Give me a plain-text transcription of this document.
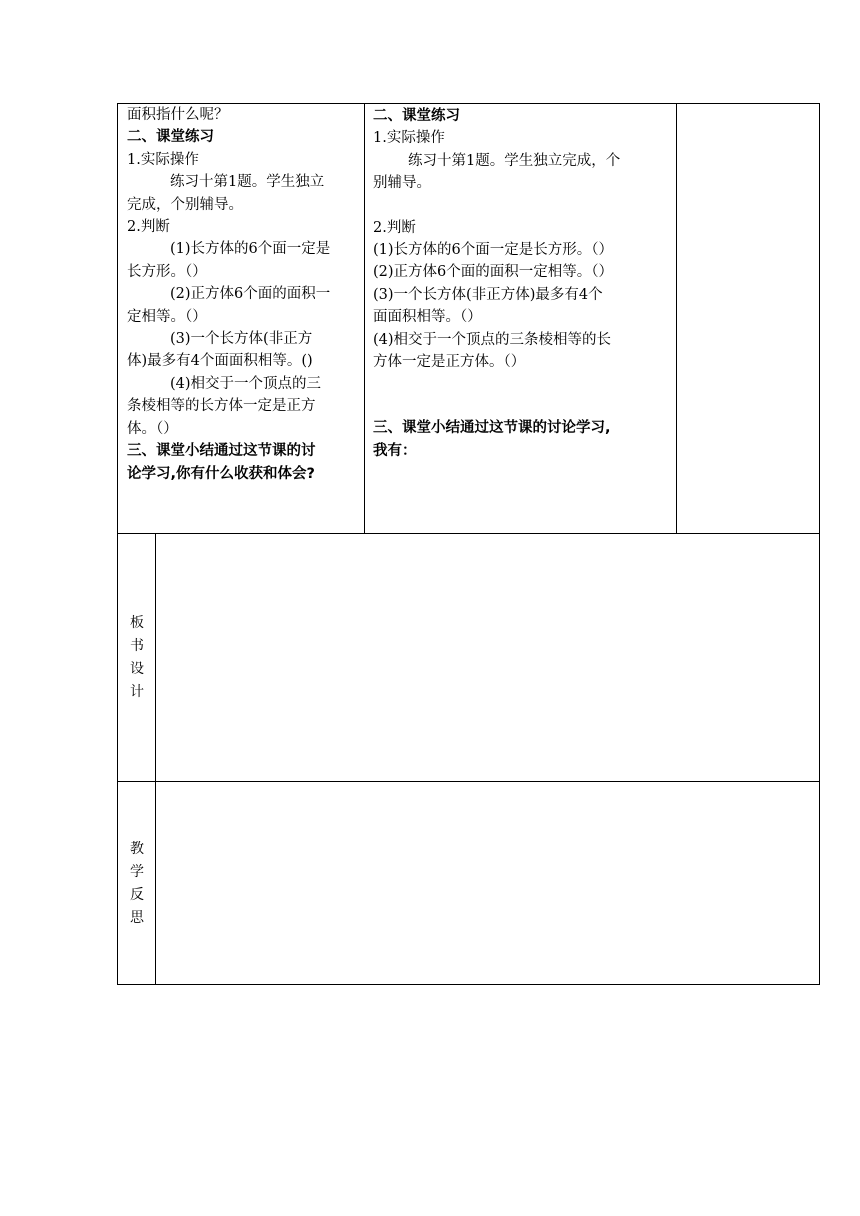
面积指什么呢？

二、课堂练习

1.实际操作

练习十第1题。学生独立

完成，个别辅导。

2.判断

(1)长方体的6个面一定是

长方形。（）

(2)正方体6个面的面积一

定相等。（）

(3)一个长方体(非正方

体)最多有4个面面积相等。()

(4)相交于一个顶点的三

条棱相等的长方体一定是正方

体。（）

三、课堂小结通过这节课的讨

论学习,你有什么收获和体会?

二、课堂练习

1.实际操作

练习十第1题。学生独立完成，个

别辅导。

2.判断

(1)长方体的6个面一定是长方形。（）

(2)正方体6个面的面积一定相等。（）

(3)一个长方体(非正方体)最多有4个

面面积相等。（）

(4)相交于一个顶点的三条棱相等的长

方体一定是正方体。（）

三、课堂小结通过这节课的讨论学习,

我有：

板
书
设
计
教
学
反
思
